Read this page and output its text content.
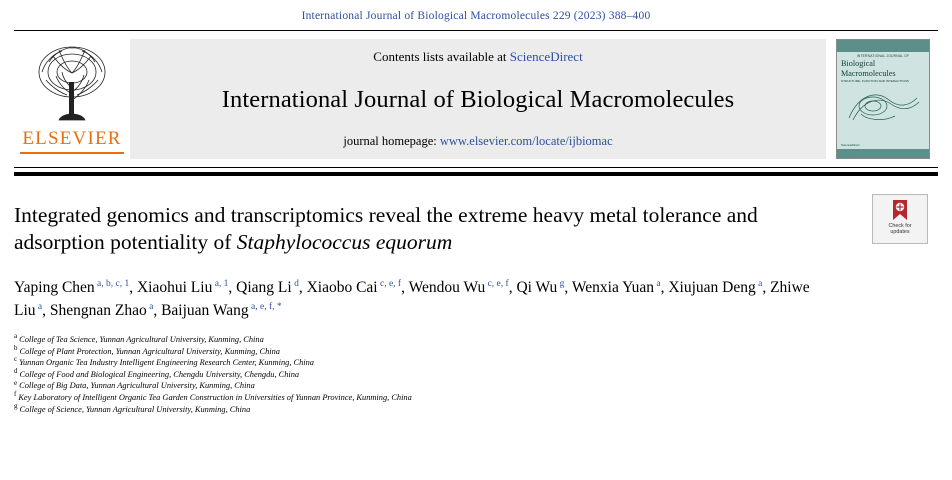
International Journal of Biological Macromolecules 229 (2023) 388–400
ELSEVIER
Contents lists available at ScienceDirect
International Journal of Biological Macromolecules
journal homepage: www.elsevier.com/locate/ijbiomac
INTERNATIONAL JOURNAL OF
Biological
Macromolecules
STRUCTURE, FUNCTION AND INTERACTIONS
ScienceDirect
Check for
updates
Integrated genomics and transcriptomics reveal the extreme heavy metal tolerance and adsorption potentiality of Staphylococcus equorum
Yaping Chen $^{a, b, c, 1}$, Xiaohui Liu $^{a, 1}$, Qiang Li $^d$, Xiaobo Cai $^{c, e, f}$, Wendou Wu $^{c, e, f}$, Qi Wu $^g$, Wenxia Yuan $^a$, Xiujuan Deng $^a$, Zhiwe Liu $^a$, Shengnan Zhao $^a$, Baijuan Wang $^{a, e, f, *}$
$^a$ College of Tea Science, Yunnan Agricultural University, Kunming, China
$^b$ College of Plant Protection, Yunnan Agricultural University, Kunming, China
$^c$ Yunnan Organic Tea Industry Intelligent Engineering Research Center, Kunming, China
$^d$ College of Food and Biological Engineering, Chengdu University, Chengdu, China
$^e$ College of Big Data, Yunnan Agricultural University, Kunming, China
$^f$ Key Laboratory of Intelligent Organic Tea Garden Construction in Universities of Yunnan Province, Kunming, China
$^g$ College of Science, Yunnan Agricultural University, Kunming, China
